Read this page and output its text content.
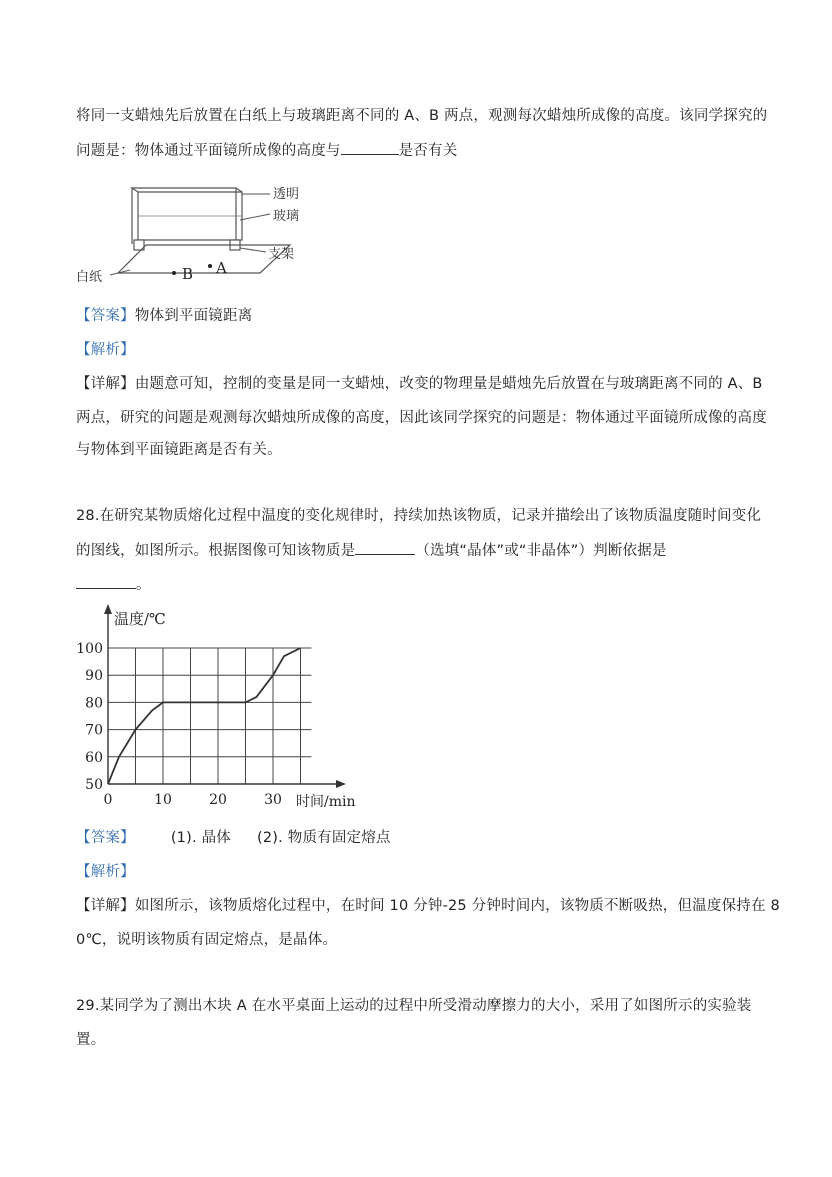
将同一支蜡烛先后放置在白纸上与玻璃距离不同的 A、B 两点，观测每次蜡烛所成像的高度。该同学探究的
问题是：物体通过平面镜所成像的高度与	是否有关
B A
透明
玻璃
支架
白纸
【答案】物体到平面镜距离
【解析】
【详解】由题意可知，控制的变量是同一支蜡烛，改变的物理量是蜡烛先后放置在与玻璃距离不同的 A、B
两点，研究的问题是观测每次蜡烛所成像的高度，因此该同学探究的问题是：物体通过平面镜所成像的高度
与物体到平面镜距离是否有关。
28.在研究某物质熔化过程中温度的变化规律时，持续加热该物质，记录并描绘出了该物质温度随时间变化
的图线，如图所示。根据图像可知该物质是	（选填“晶体”或“非晶体”）判断依据是
。
50
60
70
80
90
100
0	10	20	30
温度/℃
时间/min
【答案】 (1). 晶体 (2). 物质有固定熔点
【解析】
【详解】如图所示，该物质熔化过程中，在时间 10 分钟-25 分钟时间内，该物质不断吸热，但温度保持在 8
0℃，说明该物质有固定熔点，是晶体。
29.某同学为了测出木块 A 在水平桌面上运动的过程中所受滑动摩擦力的大小，采用了如图所示的实验装
置。
